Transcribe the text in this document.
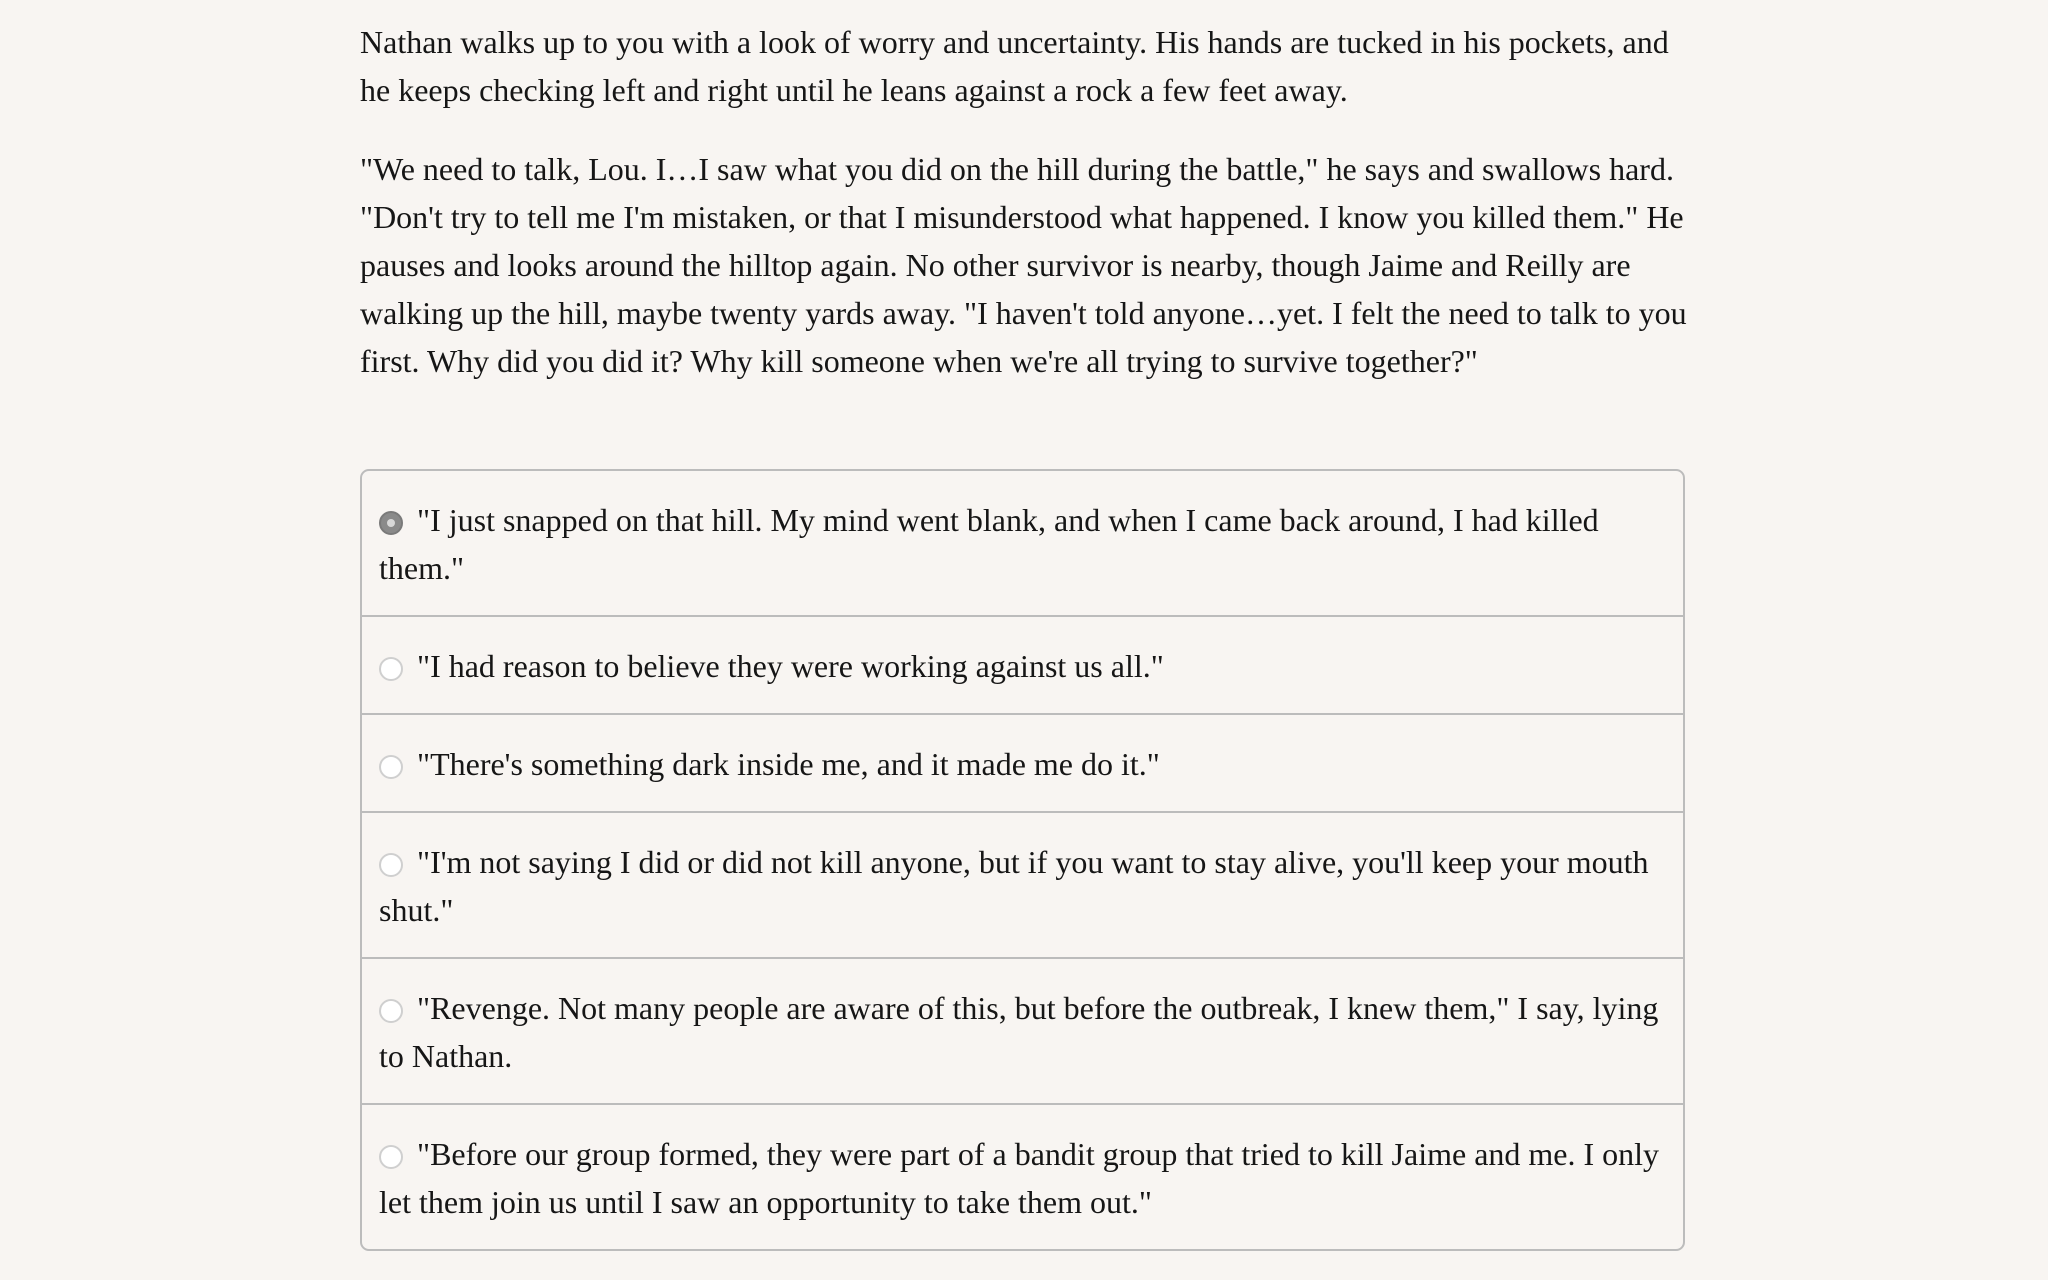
Nathan walks up to you with a look of worry and uncertainty. His hands are tucked in his pockets, and he keeps checking left and right until he leans against a rock a few feet away.

"We need to talk, Lou. I…I saw what you did on the hill during the battle," he says and swallows hard. "Don't try to tell me I'm mistaken, or that I misunderstood what happened. I know you killed them." He pauses and looks around the hilltop again. No other survivor is nearby, though Jaime and Reilly are walking up the hill, maybe twenty yards away. "I haven't told anyone…yet. I felt the need to talk to you first. Why did you did it? Why kill someone when we're all trying to survive together?"

"I just snapped on that hill. My mind went blank, and when I came back around, I had killed them."
"I had reason to believe they were working against us all."
"There's something dark inside me, and it made me do it."
"I'm not saying I did or did not kill anyone, but if you want to stay alive, you'll keep your mouth shut."
"Revenge. Not many people are aware of this, but before the outbreak, I knew them," I say, lying to Nathan.
"Before our group formed, they were part of a bandit group that tried to kill Jaime and me. I only let them join us until I saw an opportunity to take them out."
